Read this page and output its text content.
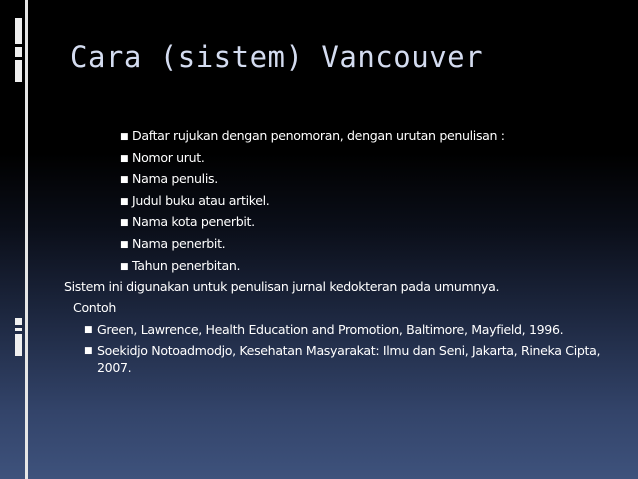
Cara (sistem) Vancouver
■ Daftar rujukan dengan penomoran, dengan urutan penulisan :
■ Nomor urut.
■ Nama penulis.
■ Judul buku atau artikel.
■ Nama kota penerbit.
■ Nama penerbit.
■ Tahun penerbitan.

Sistem ini digunakan untuk penulisan jurnal kedokteran pada umumnya.

Contoh

■ Green, Lawrence, Health Education and Promotion, Baltimore, Mayfield, 1996.
■ Soekidjo Notoadmodjo, Kesehatan Masyarakat: Ilmu dan Seni, Jakarta, Rineka Cipta, 2007.
